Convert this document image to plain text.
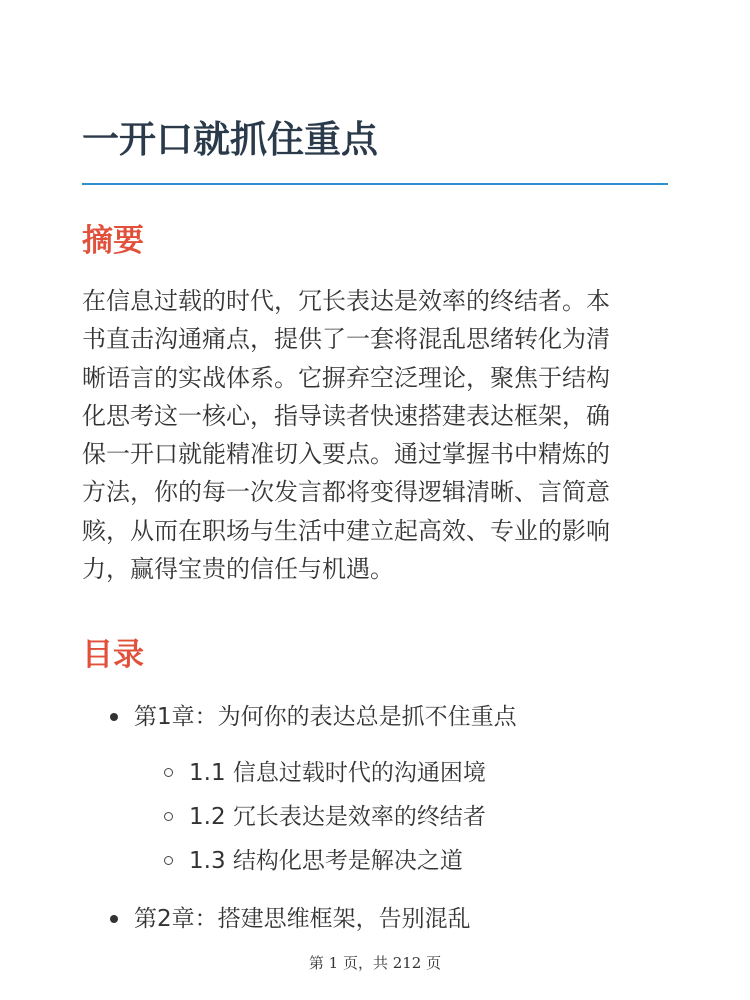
一开口就抓住重点
摘要
在信息过载的时代，冗长表达是效率的终结者。本
书直击沟通痛点，提供了一套将混乱思绪转化为清
晰语言的实战体系。它摒弃空泛理论，聚焦于结构
化思考这一核心，指导读者快速搭建表达框架，确
保一开口就能精准切入要点。通过掌握书中精炼的
方法，你的每一次发言都将变得逻辑清晰、言简意
赅，从而在职场与生活中建立起高效、专业的影响
力，赢得宝贵的信任与机遇。
目录
第1章：为何你的表达总是抓不住重点
1.1 信息过载时代的沟通困境
1.2 冗长表达是效率的终结者
1.3 结构化思考是解决之道
第2章：搭建思维框架，告别混乱
第 1 页，共 212 页
